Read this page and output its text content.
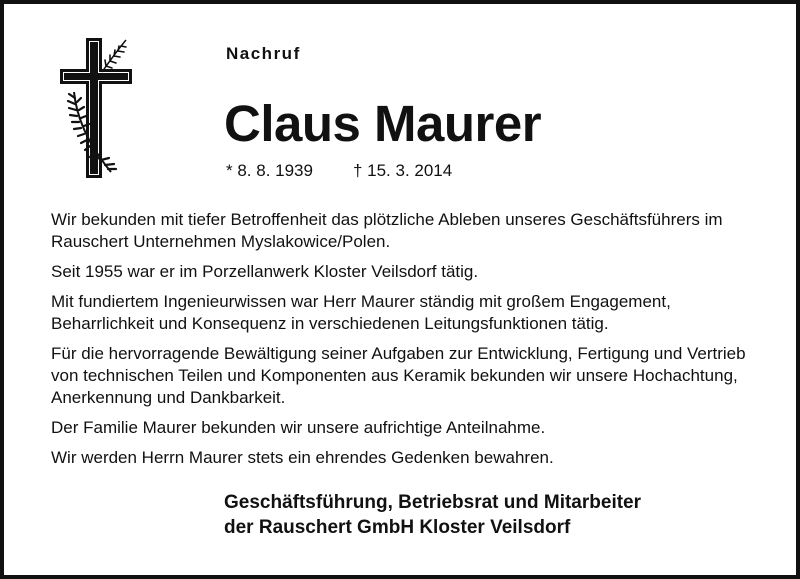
Nachruf
Claus Maurer
* 8. 8. 1939 † 15. 3. 2014

Wir bekunden mit tiefer Betroffenheit das plötzliche Ableben unseres Geschäftsführers im Rauschert Unternehmen Myslakowice/Polen.

Seit 1955 war er im Porzellanwerk Kloster Veilsdorf tätig.

Mit fundiertem Ingenieurwissen war Herr Maurer ständig mit großem Engagement, Beharrlichkeit und Konsequenz in verschiedenen Leitungsfunktionen tätig.

Für die hervorragende Bewältigung seiner Aufgaben zur Entwicklung, Fertigung und Vertrieb von technischen Teilen und Komponenten aus Keramik bekunden wir unsere Hochachtung, Anerkennung und Dankbarkeit.

Der Familie Maurer bekunden wir unsere aufrichtige Anteilnahme.

Wir werden Herrn Maurer stets ein ehrendes Gedenken bewahren.

Geschäftsführung, Betriebsrat und Mitarbeiter
der Rauschert GmbH Kloster Veilsdorf
